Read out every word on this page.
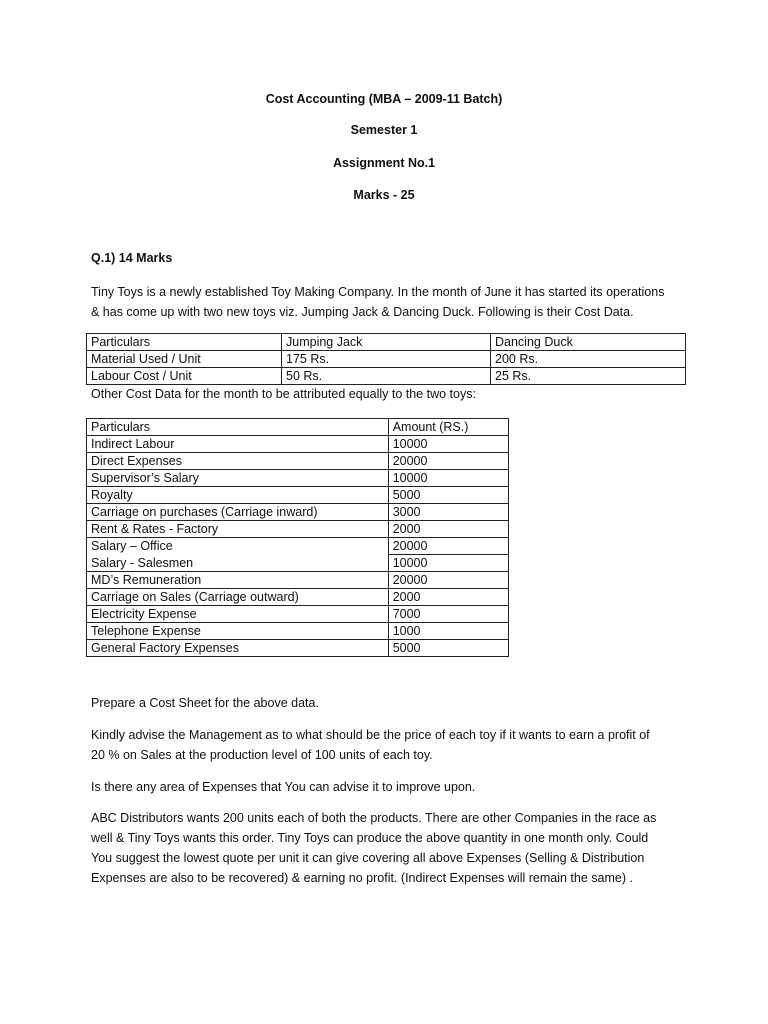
Cost Accounting (MBA – 2009-11 Batch)
Semester 1
Assignment No.1
Marks - 25
Q.1) 14 Marks
Tiny Toys is a newly established Toy Making Company. In the month of June it has started its operations
& has come up with two new toys viz. Jumping Jack & Dancing Duck. Following is their Cost Data.
Particulars	Jumping Jack	Dancing Duck
Material Used / Unit	175 Rs.	200 Rs.
Labour Cost / Unit	50 Rs.	25 Rs.
Other Cost Data for the month to be attributed equally to the two toys:
Particulars	Amount (RS.)
Indirect Labour	10000
Direct Expenses	20000
Supervisor’s Salary	10000
Royalty	5000
Carriage on purchases (Carriage inward)	3000
Rent & Rates - Factory	2000
Salary – Office	20000
Salary - Salesmen	10000
MD’s Remuneration	20000
Carriage on Sales (Carriage outward)	2000
Electricity Expense	7000
Telephone Expense	1000
General Factory Expenses	5000
Prepare a Cost Sheet for the above data.
Kindly advise the Management as to what should be the price of each toy if it wants to earn a profit of
20 % on Sales at the production level of 100 units of each toy.
Is there any area of Expenses that You can advise it to improve upon.
ABC Distributors wants 200 units each of both the products. There are other Companies in the race as
well & Tiny Toys wants this order. Tiny Toys can produce the above quantity in one month only. Could
You suggest the lowest quote per unit it can give covering all above Expenses (Selling & Distribution
Expenses are also to be recovered) & earning no profit. (Indirect Expenses will remain the same) .
